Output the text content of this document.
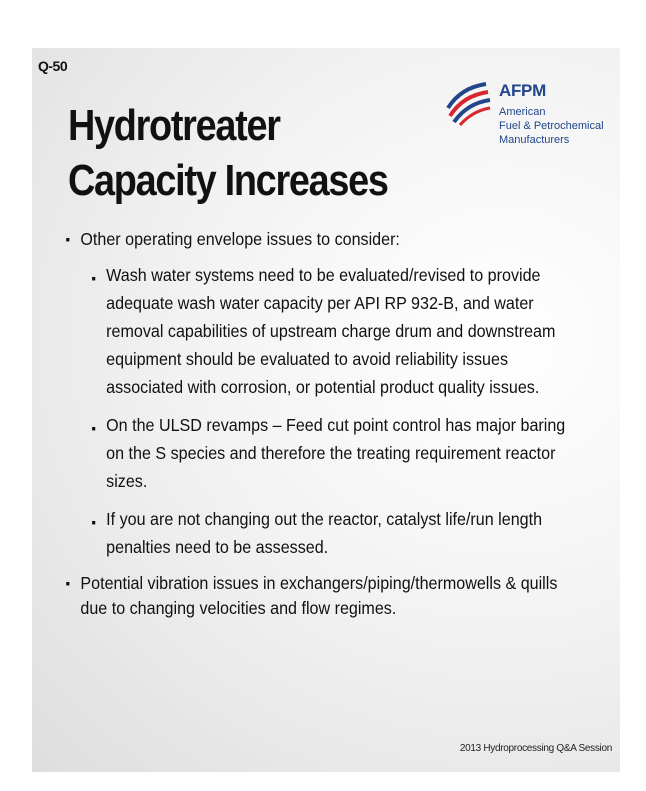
Q-50
Hydrotreater Capacity Increases
AFPM
American
Fuel & Petrochemical
Manufacturers
▪ Other operating envelope issues to consider:
▪ Wash water systems need to be evaluated/revised to provide adequate wash water capacity per API RP 932-B, and water removal capabilities of upstream charge drum and downstream equipment should be evaluated to avoid reliability issues associated with corrosion, or potential product quality issues.
▪ On the ULSD revamps – Feed cut point control has major baring on the S species and therefore the treating requirement reactor sizes.
▪ If you are not changing out the reactor, catalyst life/run length penalties need to be assessed.
▪ Potential vibration issues in exchangers/piping/thermowells & quills due to changing velocities and flow regimes.
2013 Hydroprocessing Q&A Session
